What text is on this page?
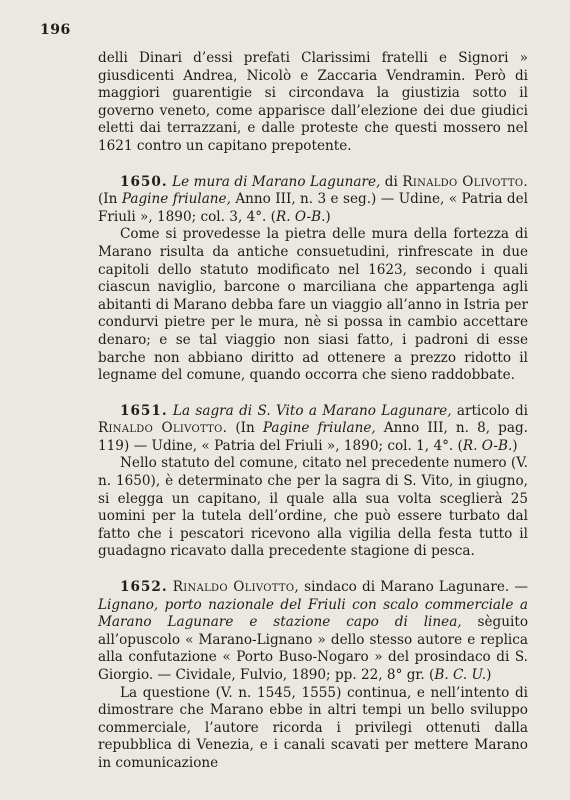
196

delli Dinari d’essi prefati Clarissimi fratelli e Signori » giusdicenti Andrea, Nicolò e Zaccaria Vendramin. Però di maggiori guarentigie si circondava la giustizia sotto il governo veneto, come apparisce dall’elezione dei due giudici eletti dai terrazzani, e dalle proteste che questi mossero nel 1621 contro un capitano prepotente.

1650. Le mura di Marano Lagunare, di Rinaldo Olivotto. (In Pagine friulane, Anno III, n. 3 e seg.) — Udine, « Patria del Friuli », 1890; col. 3, 4°. (R. O-B.)

Come si provedesse la pietra delle mura della fortezza di Marano risulta da antiche consuetudini, rinfrescate in due capitoli dello statuto modificato nel 1623, secondo i quali ciascun naviglio, barcone o marciliana che appartenga agli abitanti di Marano debba fare un viaggio all’anno in Istria per condurvi pietre per le mura, nè si possa in cambio accettare denaro; e se tal viaggio non siasi fatto, i padroni di esse barche non abbiano diritto ad ottenere a prezzo ridotto il legname del comune, quando occorra che sieno raddobbate.

1651. La sagra di S. Vito a Marano Lagunare, articolo di Rinaldo Olivotto. (In Pagine friulane, Anno III, n. 8, pag. 119) — Udine, « Patria del Friuli », 1890; col. 1, 4°. (R. O-B.)

Nello statuto del comune, citato nel precedente numero (V. n. 1650), è determinato che per la sagra di S. Vito, in giugno, si elegga un capitano, il quale alla sua volta sceglierà 25 uomini per la tutela dell’ordine, che può essere turbato dal fatto che i pescatori ricevono alla vigilia della festa tutto il guadagno ricavato dalla precedente stagione di pesca.

1652. Rinaldo Olivotto, sindaco di Marano Lagunare. — Lignano, porto nazionale del Friuli con scalo commerciale a Marano Lagunare e stazione capo di linea, sèguito all’opuscolo « Marano-Lignano » dello stesso autore e replica alla confutazione « Porto Buso-Nogaro » del prosindaco di S. Giorgio. — Cividale, Fulvio, 1890; pp. 22, 8° gr. (B. C. U.)

La questione (V. n. 1545, 1555) continua, e nell’intento di dimostrare che Marano ebbe in altri tempi un bello sviluppo commerciale, l’autore ricorda i privilegi ottenuti dalla repubblica di Venezia, e i canali scavati per mettere Marano in comunicazione
